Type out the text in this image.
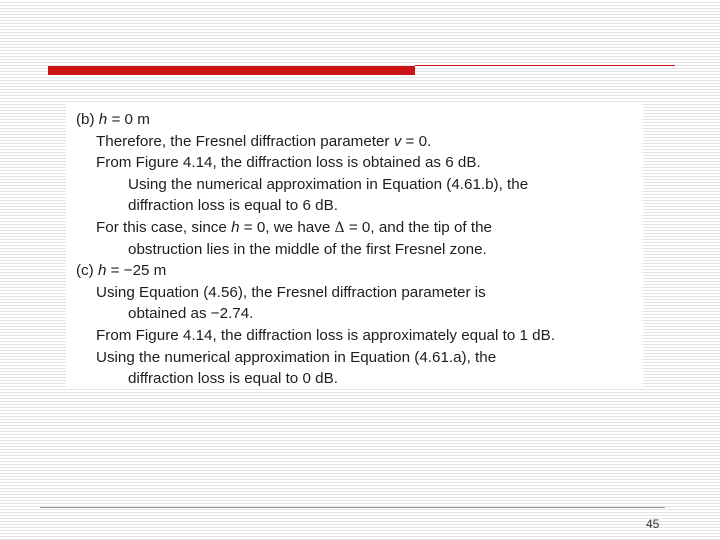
(b) h = 0 m
Therefore, the Fresnel diffraction parameter v = 0.
From Figure 4.14, the diffraction loss is obtained as 6 dB.
Using the numerical approximation in Equation (4.61.b), the
diffraction loss is equal to 6 dB.
For this case, since h = 0, we have Δ = 0, and the tip of the
obstruction lies in the middle of the first Fresnel zone.
(c) h = −25 m
Using Equation (4.56), the Fresnel diffraction parameter is
obtained as −2.74.
From Figure 4.14, the diffraction loss is approximately equal to 1 dB.
Using the numerical approximation in Equation (4.61.a), the
diffraction loss is equal to 0 dB.
45
